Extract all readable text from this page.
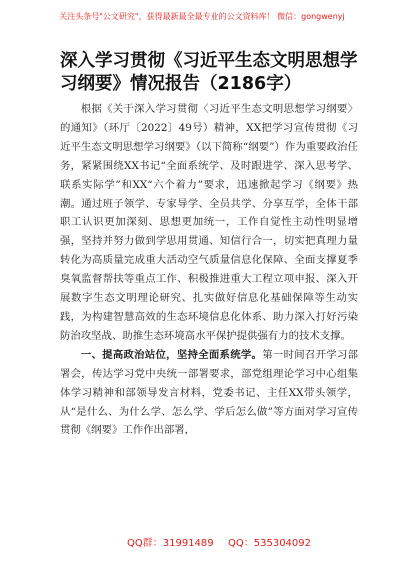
关注头条号"公文研究"，获得最新最全最专业的公文资料库！ 微信：gongwenyj
深入学习贯彻《习近平生态文明思想学习纲要》情况报告（2186字）

根据《关于深入学习贯彻〈习近平生态文明思想学习纲要〉的通知》（环厅〔2022〕49号）精神，XX把学习宣传贯彻《习近平生态文明思想学习纲要》（以下简称“纲要”）作为重要政治任务，紧紧围绕XX书记“全面系统学、及时跟进学、深入思考学、联系实际学”和XX“六个着力”要求，迅速掀起学习《纲要》热潮。通过班子领学、专家导学、全员共学、分享互学，全体干部职工认识更加深刻、思想更加统一，工作自觉性主动性明显增强，坚持并努力做到学思用贯通、知信行合一，切实把真理力量转化为高质量完成重大活动空气质量信息化保障、全面支撑夏季臭氧监督帮扶等重点工作、积极推进重大工程立项申报、深入开展数字生态文明理论研究、扎实做好信息化基础保障等生动实践，为构建智慧高效的生态环境信息化体系、助力深入打好污染防治攻坚战、助推生态环境高水平保护提供强有力的技术支撑。

一、提高政治站位，坚持全面系统学。第一时间召开学习部署会，传达学习党中央统一部署要求，部党组理论学习中心组集体学习精神和部领导发言材料，党委书记、主任XX带头领学，从“是什么、为什么学、怎么学、学后怎么做”等方面对学习宣传贯彻《纲要》工作作出部署，

QQ群：31991489 QQ：535304092
